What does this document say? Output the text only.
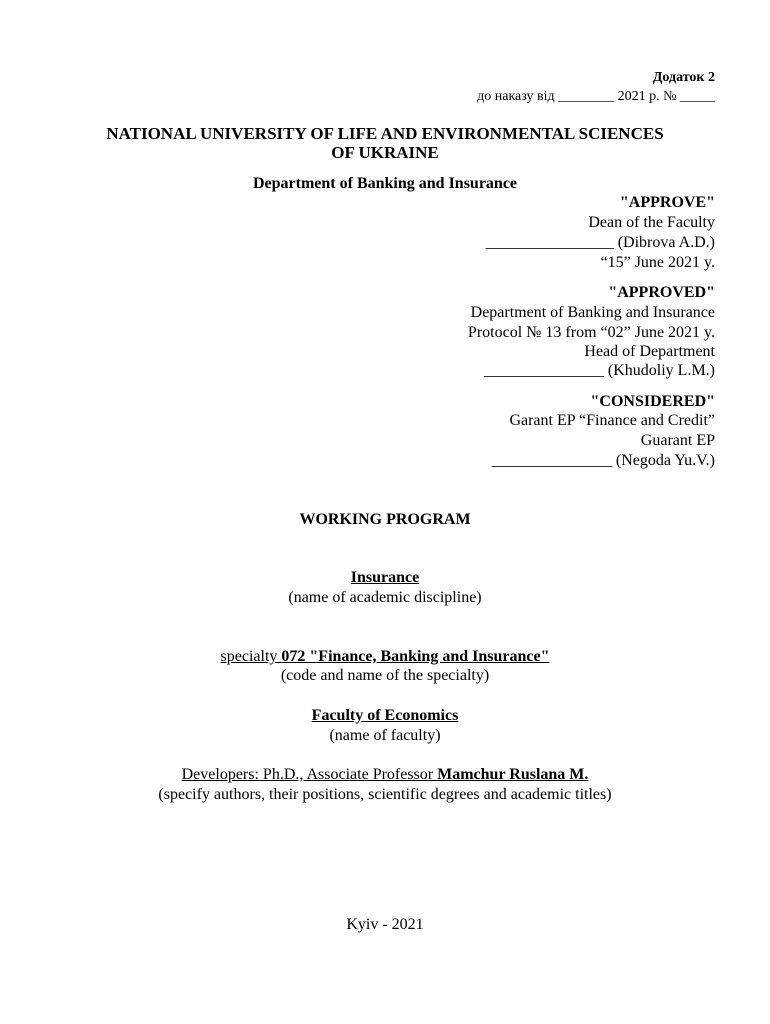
Додаток 2
до наказу від ________ 2021 р. № _____
NATIONAL UNIVERSITY OF LIFE AND ENVIRONMENTAL SCIENCES
OF UKRAINE
Department of Banking and Insurance
"APPROVE"
Dean of the Faculty
________________ (Dibrova A.D.)
“15” June 2021 y.
"APPROVED"
Department of Banking and Insurance
Protocol № 13 from “02” June 2021 y.
Head of Department
_______________ (Khudoliy L.M.)
"CONSIDERED"
Garant EP “Finance and Credit”
Guarant EP
_______________ (Negoda Yu.V.)
WORKING PROGRAM
Insurance
(name of academic discipline)
specialty 072 "Finance, Banking and Insurance"
(code and name of the specialty)
Faculty of Economics
(name of faculty)
Developers: Ph.D., Associate Professor Mamchur Ruslana M.
(specify authors, their positions, scientific degrees and academic titles)
Kyiv - 2021
